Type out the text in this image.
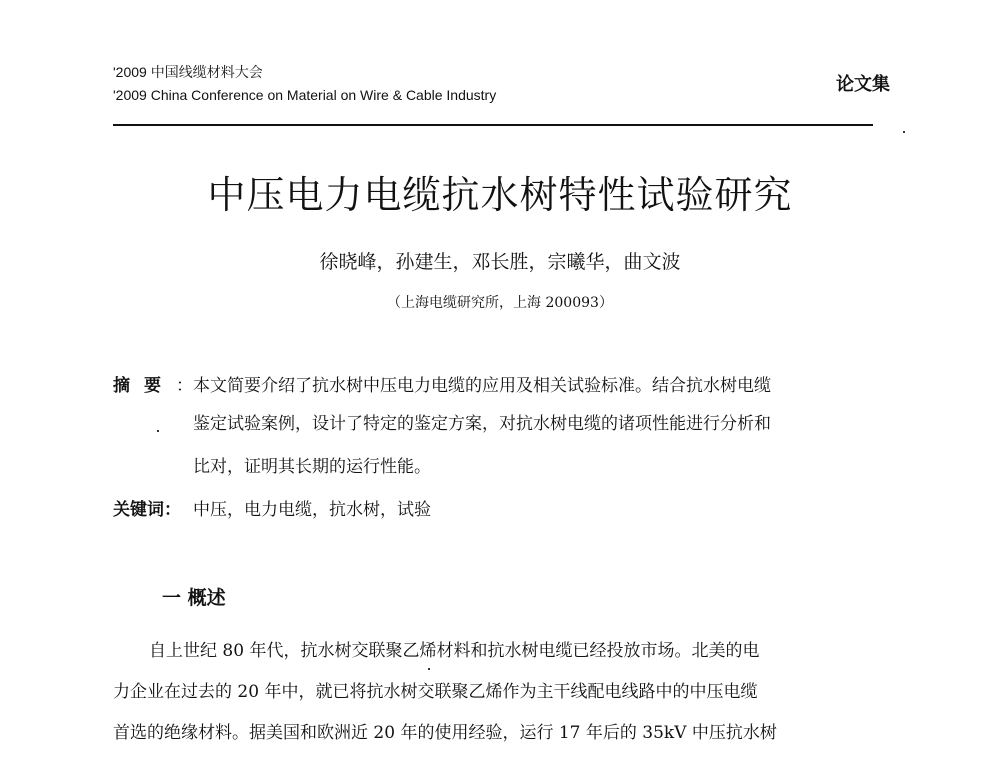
'2009 中国线缆材料大会
'2009 China Conference on Material on Wire & Cable Industry	论文集
中压电力电缆抗水树特性试验研究
徐晓峰，孙建生，邓长胜，宗曦华，曲文波
（上海电缆研究所，上海 200093）
摘要 ： 本文简要介绍了抗水树中压电力电缆的应用及相关试验标准。结合抗水树电缆
鉴定试验案例，设计了特定的鉴定方案，对抗水树电缆的诸项性能进行分析和
比对，证明其长期的运行性能。
关键词： 中压，电力电缆，抗水树，试验
一 概述
自上世纪 80 年代，抗水树交联聚乙烯材料和抗水树电缆已经投放市场。北美的电
力企业在过去的 20 年中，就已将抗水树交联聚乙烯作为主干线配电线路中的中压电缆
首选的绝缘材料。据美国和欧洲近 20 年的使用经验，运行 17 年后的 35kV 中压抗水树
